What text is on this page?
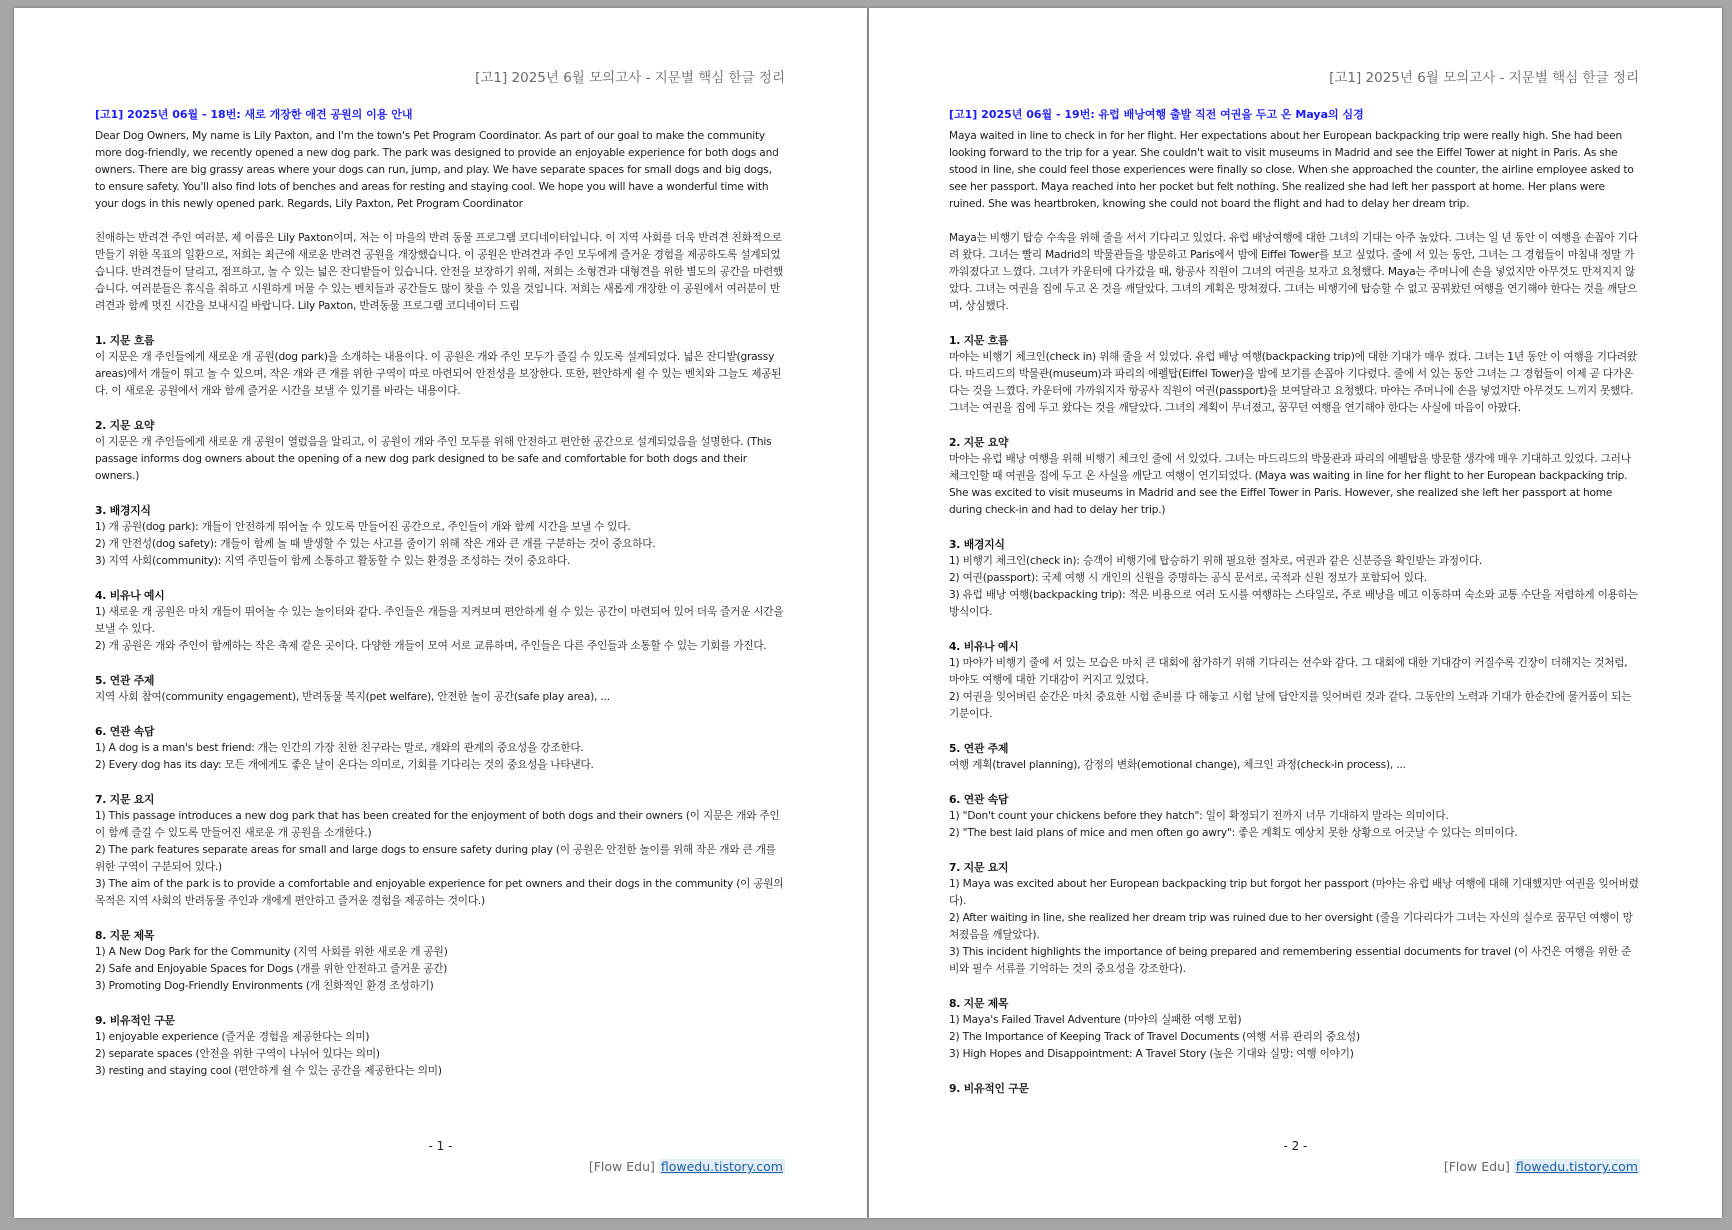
[고1] 2025년 6월 모의고사 - 지문별 핵심 한글 정리
[고1] 2025년 06월 - 18번: 새로 개장한 애견 공원의 이용 안내

Dear Dog Owners, My name is Lily Paxton, and I'm the town's Pet Program Coordinator. As part of our goal to make the community more dog-friendly, we recently opened a new dog park. The park was designed to provide an enjoyable experience for both dogs and owners. There are big grassy areas where your dogs can run, jump, and play. We have separate spaces for small dogs and big dogs, to ensure safety. You'll also find lots of benches and areas for resting and staying cool. We hope you will have a wonderful time with your dogs in this newly opened park. Regards, Lily Paxton, Pet Program Coordinator

친애하는 반려견 주인 여러분, 제 이름은 Lily Paxton이며, 저는 이 마을의 반려 동물 프로그램 코디네이터입니다. 이 지역 사회를 더욱 반려견 친화적으로 만들기 위한 목표의 일환으로, 저희는 최근에 새로운 반려견 공원을 개장했습니다. 이 공원은 반려견과 주인 모두에게 즐거운 경험을 제공하도록 설계되었습니다. 반려견들이 달리고, 점프하고, 놀 수 있는 넓은 잔디밭들이 있습니다. 안전을 보장하기 위해, 저희는 소형견과 대형견을 위한 별도의 공간을 마련했습니다. 여러분들은 휴식을 취하고 시원하게 머물 수 있는 벤치들과 공간들도 많이 찾을 수 있을 것입니다. 저희는 새롭게 개장한 이 공원에서 여러분이 반려견과 함께 멋진 시간을 보내시길 바랍니다. Lily Paxton, 반려동물 프로그램 코디네이터 드림

1. 지문 흐름
이 지문은 개 주인들에게 새로운 개 공원(dog park)을 소개하는 내용이다. 이 공원은 개와 주인 모두가 즐길 수 있도록 설계되었다. 넓은 잔디밭(grassy areas)에서 개들이 뛰고 놀 수 있으며, 작은 개와 큰 개를 위한 구역이 따로 마련되어 안전성을 보장한다. 또한, 편안하게 쉴 수 있는 벤치와 그늘도 제공된다. 이 새로운 공원에서 개와 함께 즐거운 시간을 보낼 수 있기를 바라는 내용이다.
2. 지문 요약
이 지문은 개 주인들에게 새로운 개 공원이 열렸음을 알리고, 이 공원이 개와 주인 모두를 위해 안전하고 편안한 공간으로 설계되었음을 설명한다. (This passage informs dog owners about the opening of a new dog park designed to be safe and comfortable for both dogs and their owners.)
3. 배경지식
1) 개 공원(dog park): 개들이 안전하게 뛰어놀 수 있도록 만들어진 공간으로, 주인들이 개와 함께 시간을 보낼 수 있다.
2) 개 안전성(dog safety): 개들이 함께 놀 때 발생할 수 있는 사고를 줄이기 위해 작은 개와 큰 개를 구분하는 것이 중요하다.
3) 지역 사회(community): 지역 주민들이 함께 소통하고 활동할 수 있는 환경을 조성하는 것이 중요하다.
4. 비유나 예시
1) 새로운 개 공원은 마치 개들이 뛰어놀 수 있는 놀이터와 같다. 주인들은 개들을 지켜보며 편안하게 쉴 수 있는 공간이 마련되어 있어 더욱 즐거운 시간을 보낼 수 있다.
2) 개 공원은 개와 주인이 함께하는 작은 축제 같은 곳이다. 다양한 개들이 모여 서로 교류하며, 주인들은 다른 주인들과 소통할 수 있는 기회를 가진다.
5. 연관 주제
지역 사회 참여(community engagement), 반려동물 복지(pet welfare), 안전한 놀이 공간(safe play area), ...
6. 연관 속담
1) A dog is a man's best friend: 개는 인간의 가장 친한 친구라는 말로, 개와의 관계의 중요성을 강조한다.
2) Every dog has its day: 모든 개에게도 좋은 날이 온다는 의미로, 기회를 기다리는 것의 중요성을 나타낸다.
7. 지문 요지
1) This passage introduces a new dog park that has been created for the enjoyment of both dogs and their owners (이 지문은 개와 주인이 함께 즐길 수 있도록 만들어진 새로운 개 공원을 소개한다.)
2) The park features separate areas for small and large dogs to ensure safety during play (이 공원은 안전한 놀이를 위해 작은 개와 큰 개를 위한 구역이 구분되어 있다.)
3) The aim of the park is to provide a comfortable and enjoyable experience for pet owners and their dogs in the community (이 공원의 목적은 지역 사회의 반려동물 주인과 개에게 편안하고 즐거운 경험을 제공하는 것이다.)
8. 지문 제목
1) A New Dog Park for the Community (지역 사회를 위한 새로운 개 공원)
2) Safe and Enjoyable Spaces for Dogs (개를 위한 안전하고 즐거운 공간)
3) Promoting Dog-Friendly Environments (개 친화적인 환경 조성하기)
9. 비유적인 구문
1) enjoyable experience (즐거운 경험을 제공한다는 의미)
2) separate spaces (안전을 위한 구역이 나뉘어 있다는 의미)
3) resting and staying cool (편안하게 쉴 수 있는 공간을 제공한다는 의미)
- 1 -
[Flow Edu] flowedu.tistory.com
[고1] 2025년 6월 모의고사 - 지문별 핵심 한글 정리
[고1] 2025년 06월 - 19번: 유럽 배낭여행 출발 직전 여권을 두고 온 Maya의 심경

Maya waited in line to check in for her flight. Her expectations about her European backpacking trip were really high. She had been looking forward to the trip for a year. She couldn't wait to visit museums in Madrid and see the Eiffel Tower at night in Paris. As she stood in line, she could feel those experiences were finally so close. When she approached the counter, the airline employee asked to see her passport. Maya reached into her pocket but felt nothing. She realized she had left her passport at home. Her plans were ruined. She was heartbroken, knowing she could not board the flight and had to delay her dream trip.

Maya는 비행기 탑승 수속을 위해 줄을 서서 기다리고 있었다. 유럽 배낭여행에 대한 그녀의 기대는 아주 높았다. 그녀는 일 년 동안 이 여행을 손꼽아 기다려 왔다. 그녀는 빨리 Madrid의 박물관들을 방문하고 Paris에서 밤에 Eiffel Tower를 보고 싶었다. 줄에 서 있는 동안, 그녀는 그 경험들이 마침내 정말 가까워졌다고 느꼈다. 그녀가 카운터에 다가갔을 때, 항공사 직원이 그녀의 여권을 보자고 요청했다. Maya는 주머니에 손을 넣었지만 아무것도 만져지지 않았다. 그녀는 여권을 집에 두고 온 것을 깨달았다. 그녀의 계획은 망쳐졌다. 그녀는 비행기에 탑승할 수 없고 꿈꿔왔던 여행을 연기해야 한다는 것을 깨달으며, 상심했다.

1. 지문 흐름
마야는 비행기 체크인(check in) 위해 줄을 서 있었다. 유럽 배낭 여행(backpacking trip)에 대한 기대가 매우 컸다. 그녀는 1년 동안 이 여행을 기다려왔다. 마드리드의 박물관(museum)과 파리의 에펠탑(Eiffel Tower)을 밤에 보기를 손꼽아 기다렸다. 줄에 서 있는 동안 그녀는 그 경험들이 이제 곧 다가온다는 것을 느꼈다. 카운터에 가까워지자 항공사 직원이 여권(passport)을 보여달라고 요청했다. 마야는 주머니에 손을 넣었지만 아무것도 느끼지 못했다. 그녀는 여권을 집에 두고 왔다는 것을 깨달았다. 그녀의 계획이 무너졌고, 꿈꾸던 여행을 연기해야 한다는 사실에 마음이 아팠다.
2. 지문 요약
마야는 유럽 배낭 여행을 위해 비행기 체크인 줄에 서 있었다. 그녀는 마드리드의 박물관과 파리의 에펠탑을 방문할 생각에 매우 기대하고 있었다. 그러나 체크인할 때 여권을 집에 두고 온 사실을 깨닫고 여행이 연기되었다. (Maya was waiting in line for her flight to her European backpacking trip. She was excited to visit museums in Madrid and see the Eiffel Tower in Paris. However, she realized she left her passport at home during check-in and had to delay her trip.)
3. 배경지식
1) 비행기 체크인(check in): 승객이 비행기에 탑승하기 위해 필요한 절차로, 여권과 같은 신분증을 확인받는 과정이다.
2) 여권(passport): 국제 여행 시 개인의 신원을 증명하는 공식 문서로, 국적과 신원 정보가 포함되어 있다.
3) 유럽 배낭 여행(backpacking trip): 적은 비용으로 여러 도시를 여행하는 스타일로, 주로 배낭을 메고 이동하며 숙소와 교통 수단을 저렴하게 이용하는 방식이다.
4. 비유나 예시
1) 마야가 비행기 줄에 서 있는 모습은 마치 큰 대회에 참가하기 위해 기다리는 선수와 같다. 그 대회에 대한 기대감이 커질수록 긴장이 더해지는 것처럼, 마야도 여행에 대한 기대감이 커지고 있었다.
2) 여권을 잊어버린 순간은 마치 중요한 시험 준비를 다 해놓고 시험 날에 답안지를 잊어버린 것과 같다. 그동안의 노력과 기대가 한순간에 물거품이 되는 기분이다.
5. 연관 주제
여행 계획(travel planning), 감정의 변화(emotional change), 체크인 과정(check-in process), ...
6. 연관 속담
1) "Don't count your chickens before they hatch": 일이 확정되기 전까지 너무 기대하지 말라는 의미이다.
2) "The best laid plans of mice and men often go awry": 좋은 계획도 예상치 못한 상황으로 어긋날 수 있다는 의미이다.
7. 지문 요지
1) Maya was excited about her European backpacking trip but forgot her passport (마야는 유럽 배낭 여행에 대해 기대했지만 여권을 잊어버렸다).
2) After waiting in line, she realized her dream trip was ruined due to her oversight (줄을 기다리다가 그녀는 자신의 실수로 꿈꾸던 여행이 망쳐졌음을 깨달았다).
3) This incident highlights the importance of being prepared and remembering essential documents for travel (이 사건은 여행을 위한 준비와 필수 서류를 기억하는 것의 중요성을 강조한다).
8. 지문 제목
1) Maya's Failed Travel Adventure (마야의 실패한 여행 모험)
2) The Importance of Keeping Track of Travel Documents (여행 서류 관리의 중요성)
3) High Hopes and Disappointment: A Travel Story (높은 기대와 실망: 여행 이야기)
9. 비유적인 구문
- 2 -
[Flow Edu] flowedu.tistory.com
